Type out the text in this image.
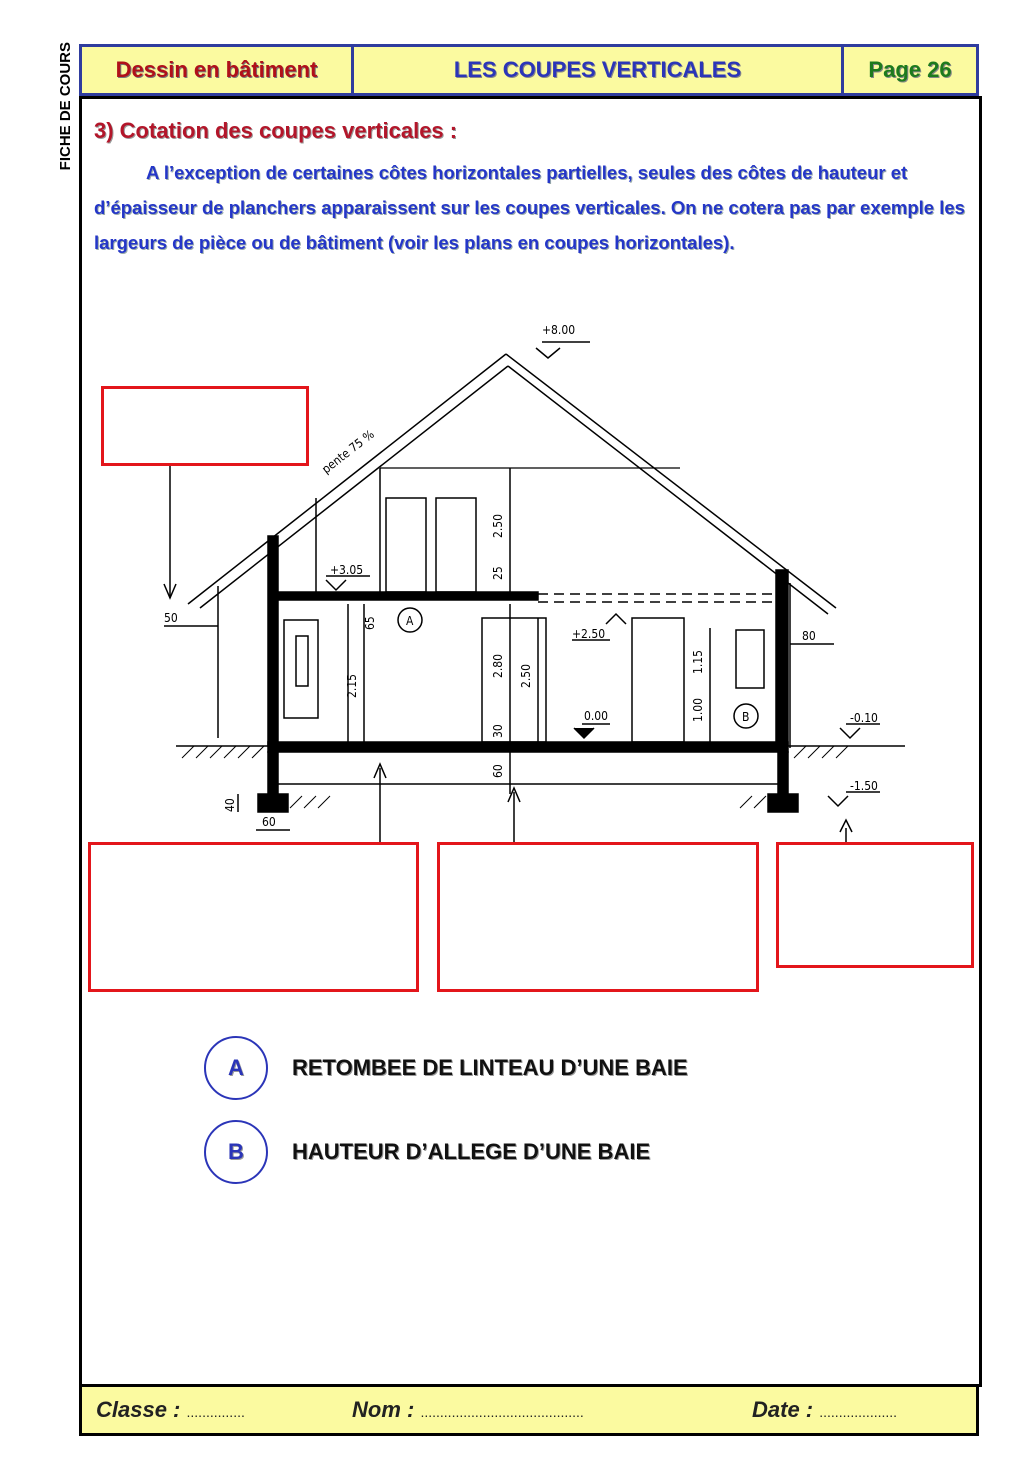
FICHE DE COURS	Dessin en bâtiment	LES COUPES VERTICALES	Page 26
3) Cotation des coupes verticales :

A l’exception de certaines côtes horizontales partielles, seules des côtes de hauteur et d’épaisseur de planchers apparaissent sur les coupes verticales. On ne cotera pas par exemple les largeurs de pièce ou de bâtiment (voir les plans en coupes horizontales).

+8.00
pente 75 %
2.50
25
+3.05
50	65
2.15
2.80 2.50
+2.50
1.15
1.00
30
0.00
60
80
-0.10
-1.50
40
60
A
B
A	RETOMBEE DE LINTEAU D’UNE BAIE
B	HAUTEUR D’ALLEGE D’UNE BAIE
Classe : ...............	Nom : ..........................................	Date : ....................
